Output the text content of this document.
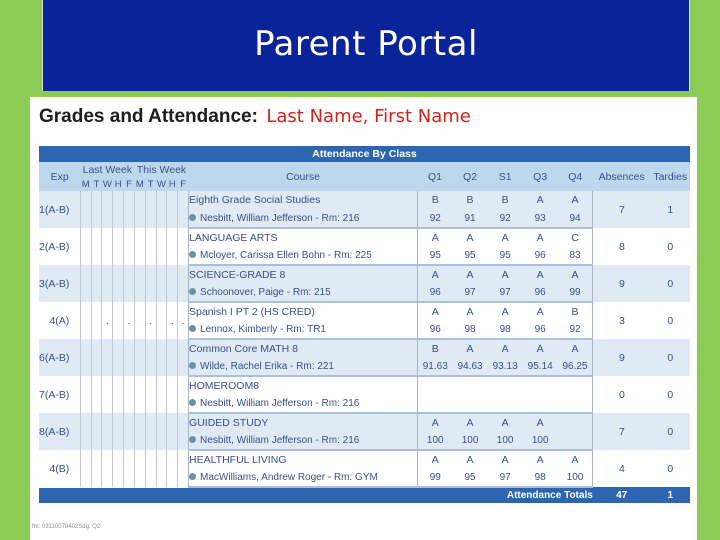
Parent Portal
Grades and Attendance: Last Name, First Name
Attendance By Class																		
Exp	Last Week					This Week					Course	Q1	Q2	S1	Q3	Q4	Absences	Tardies
	M	T	W	H	F	M	T	W	H	F								
1(A-B)											Eighth Grade Social Studies	B	B	B	A	A	7	1
											Nesbitt, William Jefferson - Rm: 216	92	91	92	93	94		
2(A-B)											LANGUAGE ARTS	A	A	A	A	C	8	0
											Mcloyer, Carissa Ellen Bohn - Rm: 225	95	95	95	96	83		
3(A-B)											SCIENCE-GRADE 8	A	A	A	A	A	9	0
											Schoonover, Paige - Rm: 215	96	97	97	96	99		
4(A)			.		.		.		.	.	Spanish I PT 2 (HS CRED)	A	A	A	A	B	3	0
											Lennox, Kimberly - Rm: TR1	96	98	98	96	92		
6(A-B)											Common Core MATH 8	B	A	A	A	A	9	0
											Wilde, Rachel Erika - Rm: 221	91.63	94.63	93.13	95.14	96.25		
7(A-B)											HOMEROOM8						0	0
											Nesbitt, William Jefferson - Rm: 216							
8(A-B)											GUIDED STUDY	A	A	A	A		7	0
											Nesbitt, William Jefferson - Rm: 216	100	100	100	100			
4(B)											HEALTHFUL LIVING	A	A	A	A	A	4	0
											MacWilliams, Andrew Roger - Rm: GYM	99	95	97	98	100		
Attendance Totals																	47	1
fm: 03110078402Sdg: Q2
